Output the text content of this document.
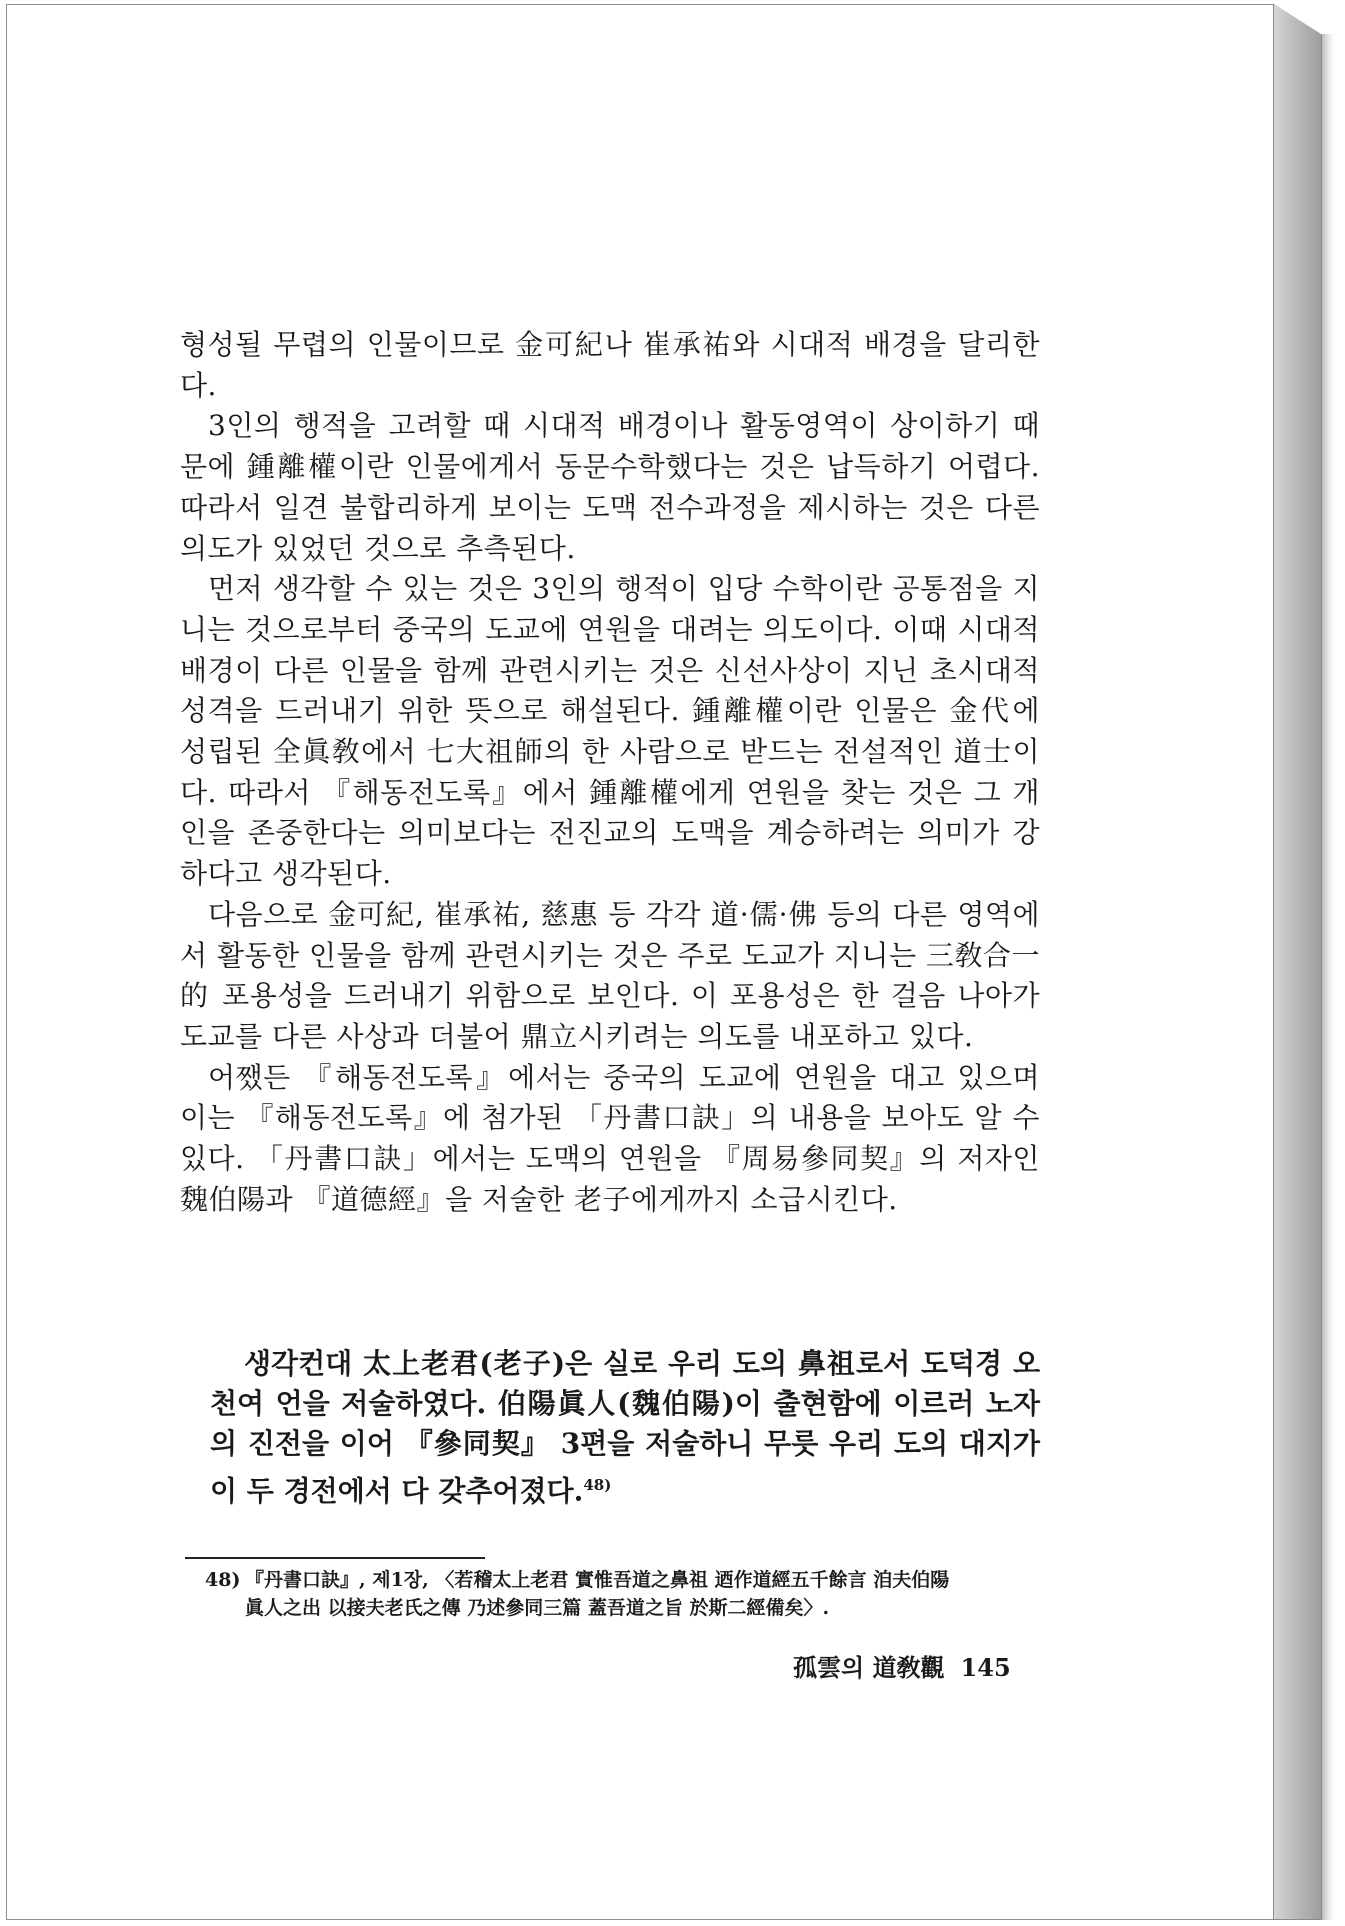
형성될 무렵의 인물이므로 金可紀나 崔承祐와 시대적 배경을 달리한다.

3인의 행적을 고려할 때 시대적 배경이나 활동영역이 상이하기 때문에 鍾離權이란 인물에게서 동문수학했다는 것은 납득하기 어렵다. 따라서 일견 불합리하게 보이는 도맥 전수과정을 제시하는 것은 다른 의도가 있었던 것으로 추측된다.

먼저 생각할 수 있는 것은 3인의 행적이 입당 수학이란 공통점을 지니는 것으로부터 중국의 도교에 연원을 대려는 의도이다. 이때 시대적 배경이 다른 인물을 함께 관련시키는 것은 신선사상이 지닌 초시대적 성격을 드러내기 위한 뜻으로 해설된다. 鍾離權이란 인물은 金代에 성립된 全眞敎에서 七大祖師의 한 사람으로 받드는 전설적인 道士이다. 따라서 『해동전도록』에서 鍾離權에게 연원을 찾는 것은 그 개인을 존중한다는 의미보다는 전진교의 도맥을 계승하려는 의미가 강하다고 생각된다.

다음으로 金可紀, 崔承祐, 慈惠 등 각각 道·儒·佛 등의 다른 영역에서 활동한 인물을 함께 관련시키는 것은 주로 도교가 지니는 三敎合一的 포용성을 드러내기 위함으로 보인다. 이 포용성은 한 걸음 나아가 도교를 다른 사상과 더불어 鼎立시키려는 의도를 내포하고 있다.

어쨌든 『해동전도록』에서는 중국의 도교에 연원을 대고 있으며 이는 『해동전도록』에 첨가된 「丹書口訣」의 내용을 보아도 알 수 있다. 「丹書口訣」에서는 도맥의 연원을 『周易參同契』의 저자인 魏伯陽과 『道德經』을 저술한 老子에게까지 소급시킨다.

생각컨대 太上老君(老子)은 실로 우리 도의 鼻祖로서 도덕경 오천여 언을 저술하였다. 伯陽眞人(魏伯陽)이 출현함에 이르러 노자의 진전을 이어 『參同契』 3편을 저술하니 무릇 우리 도의 대지가 이 두 경전에서 다 갖추어졌다.$^{48)}$
48) 『丹書口訣』, 제1장, 〈若稽太上老君 實惟吾道之鼻祖 迺作道經五千餘言 洎夫伯陽
眞人之出 以接夫老氏之傳 乃述參同三篇 蓋吾道之旨 於斯二經備矣〉.
孤雲의 道敎觀 145
